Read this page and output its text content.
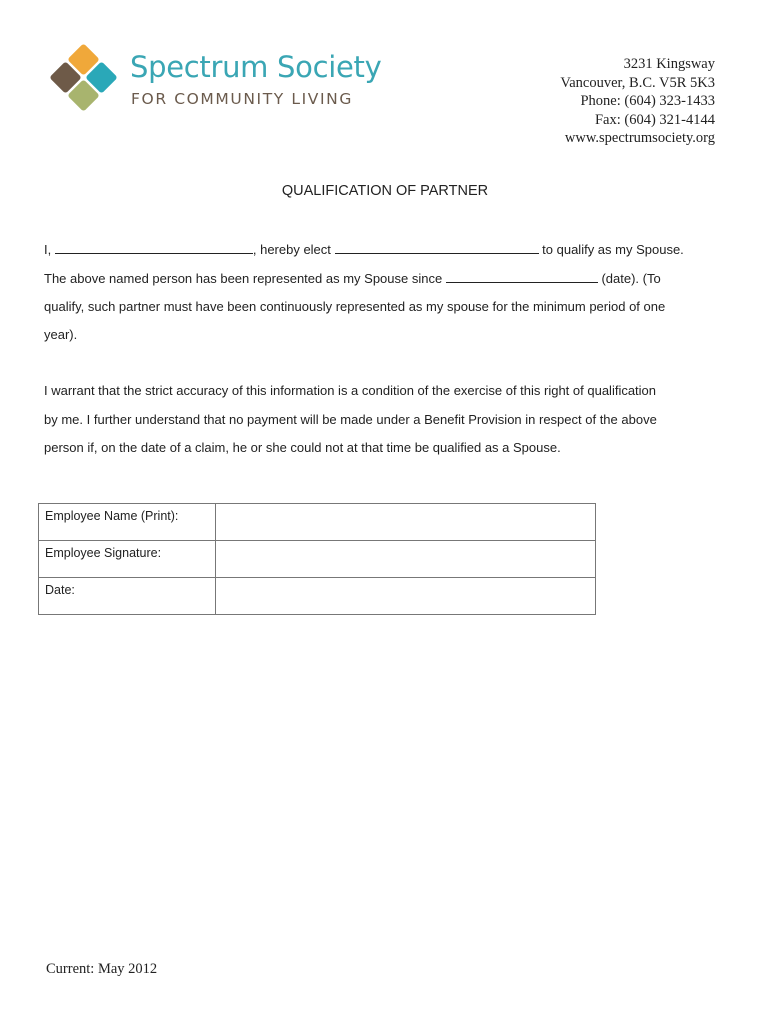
Spectrum Society
FOR COMMUNITY LIVING
3231 Kingsway
Vancouver, B.C. V5R 5K3
Phone: (604) 323-1433
Fax: (604) 321-4144
www.spectrumsociety.org
QUALIFICATION OF PARTNER
I,	, hereby elect	to qualify as my Spouse.
The above named person has been represented as my Spouse since	(date). (To
qualify, such partner must have been continuously represented as my spouse for the minimum period of one
year).
I warrant that the strict accuracy of this information is a condition of the exercise of this right of qualification
by me. I further understand that no payment will be made under a Benefit Provision in respect of the above
person if, on the date of a claim, he or she could not at that time be qualified as a Spouse.
Employee Name (Print):	
Employee Signature:	
Date:	
Current: May 2012
